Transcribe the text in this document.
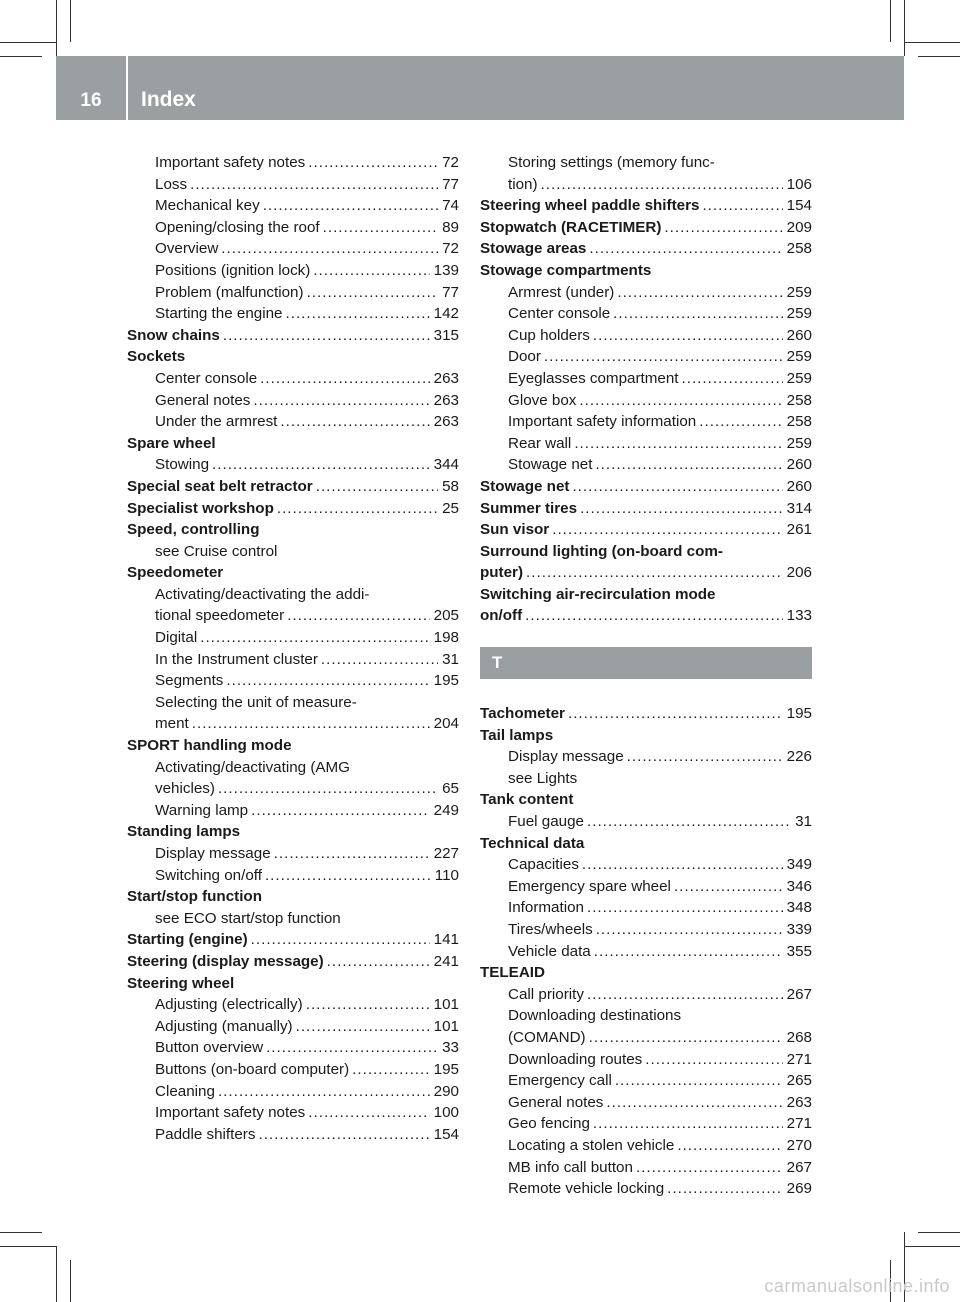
16	Index
Important safety notes .....	72
Loss .....	77
Mechanical key .....	74
Opening/closing the roof .....	89
Overview .....	72
Positions (ignition lock) .....	139
Problem (malfunction) .....	77
Starting the engine .....	142
Snow chains .....	315
Sockets
Center console .....	263
General notes .....	263
Under the armrest .....	263
Spare wheel
Stowing .....	344
Special seat belt retractor .....	58
Specialist workshop .....	25
Speed, controlling
see Cruise control
Speedometer
Activating/deactivating the addi-
tional speedometer .....	205
Digital .....	198
In the Instrument cluster .....	31
Segments .....	195
Selecting the unit of measure-
ment .....	204
SPORT handling mode
Activating/deactivating (AMG
vehicles) .....	65
Warning lamp .....	249
Standing lamps
Display message .....	227
Switching on/off .....	110
Start/stop function
see ECO start/stop function
Starting (engine) .....	141
Steering (display message) .....	241
Steering wheel
Adjusting (electrically) .....	101
Adjusting (manually) .....	101
Button overview .....	33
Buttons (on-board computer) .....	195
Cleaning .....	290
Important safety notes .....	100
Paddle shifters .....	154
Storing settings (memory func-
tion) .....	106
Steering wheel paddle shifters .....	154
Stopwatch (RACETIMER) .....	209
Stowage areas .....	258
Stowage compartments
Armrest (under) .....	259
Center console .....	259
Cup holders .....	260
Door .....	259
Eyeglasses compartment .....	259
Glove box .....	258
Important safety information .....	258
Rear wall .....	259
Stowage net .....	260
Stowage net .....	260
Summer tires .....	314
Sun visor .....	261
Surround lighting (on-board com-
puter) .....	206
Switching air-recirculation mode
on/off .....	133
T
Tachometer .....	195
Tail lamps
Display message .....	226
see Lights
Tank content
Fuel gauge .....	31
Technical data
Capacities .....	349
Emergency spare wheel .....	346
Information .....	348
Tires/wheels .....	339
Vehicle data .....	355
TELEAID
Call priority .....	267
Downloading destinations
(COMAND) .....	268
Downloading routes .....	271
Emergency call .....	265
General notes .....	263
Geo fencing .....	271
Locating a stolen vehicle .....	270
MB info call button .....	267
Remote vehicle locking .....	269
carmanualsonline.info
